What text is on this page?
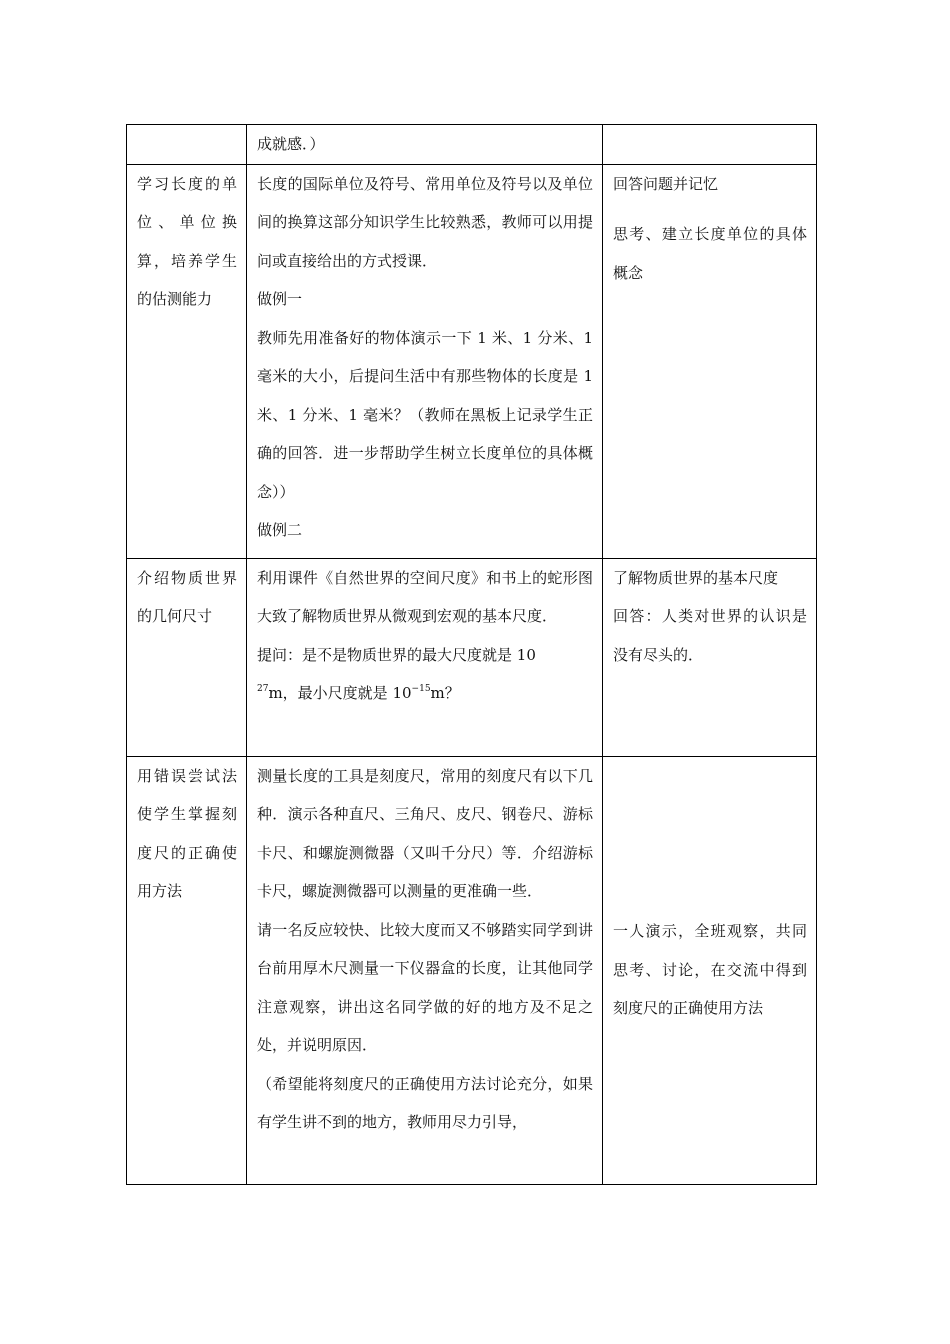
	成就感．）	

学习长度的单位、单位换算，培养学生的估测能力	长度的国际单位及符号、常用单位及符号以及单位间的换算这部分知识学生比较熟悉，教师可以用提问或直接给出的方式授课．
做例一
教师先用准备好的物体演示一下 1 米、1 分米、1 毫米的大小，后提问生活中有那些物体的长度是 1 米、1 分米、1 毫米？（教师在黑板上记录学生正确的回答．进一步帮助学生树立长度单位的具体概念））
做例二	回答问题并记忆
思考、建立长度单位的具体概念

介绍物质世界的几何尺寸	利用课件《自然世界的空间尺度》和书上的蛇形图大致了解物质世界从微观到宏观的基本尺度．
提问：是不是物质世界的最大尺度就是 10
$^{27}$m，最小尺度就是 $10^{-15}m$？	了解物质世界的基本尺度
回答：人类对世界的认识是没有尽头的．

用错误尝试法使学生掌握刻度尺的正确使用方法	测量长度的工具是刻度尺，常用的刻度尺有以下几种．演示各种直尺、三角尺、皮尺、钢卷尺、游标卡尺、和螺旋测微器（又叫千分尺）等．介绍游标卡尺，螺旋测微器可以测量的更准确一些．
请一名反应较快、比较大度而又不够踏实同学到讲台前用厚木尺测量一下仪器盒的长度，让其他同学注意观察，讲出这名同学做的好的地方及不足之处，并说明原因．
（希望能将刻度尺的正确使用方法讨论充分，如果有学生讲不到的地方，教师用尽力引导，	一人演示，全班观察，共同思考、讨论，在交流中得到刻度尺的正确使用方法
